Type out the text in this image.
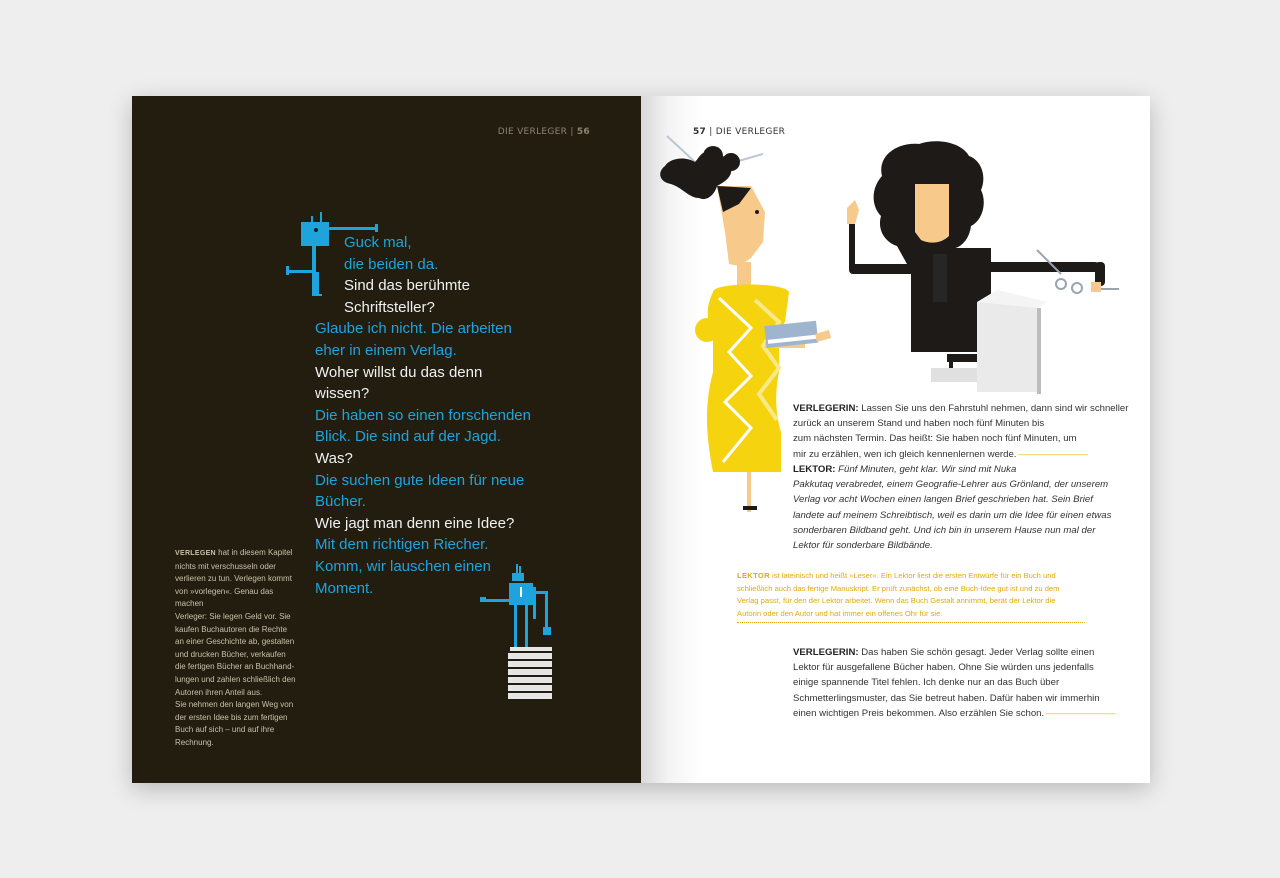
DIE VERLEGER | 56
Guck mal,
die beiden da.
Sind das berühmte
Schriftsteller?
Glaube ich nicht. Die arbeiten
eher in einem Verlag.
Woher willst du das denn
wissen?
Die haben so einen forschenden
Blick. Die sind auf der Jagd.
Was?
Die suchen gute Ideen für neue
Bücher.
Wie jagt man denn eine Idee?
Mit dem richtigen Riecher.
Komm, wir lauschen einen
Moment.
VERLEGEN hat in diesem Kapitel
nichts mit verschusseln oder
verlieren zu tun. Verlegen kommt
von »vorlegen«. Genau das machen
Verleger: Sie legen Geld vor. Sie
kaufen Buchautoren die Rechte
an einer Geschichte ab, gestalten
und drucken Bücher, verkaufen
die fertigen Bücher an Buchhand-
lungen und zahlen schließlich den
Autoren ihren Anteil aus.
Sie nehmen den langen Weg von
der ersten Idee bis zum fertigen
Buch auf sich – und auf ihre
Rechnung.

57 | DIE VERLEGER
VERLEGERIN: Lassen Sie uns den Fahrstuhl nehmen, dann sind wir schneller
zurück an unserem Stand und haben noch fünf Minuten bis
zum nächsten Termin. Das heißt: Sie haben noch fünf Minuten, um
mir zu erzählen, wen ich gleich kennenlernen werde. ————————

LEKTOR: Fünf Minuten, geht klar. Wir sind mit Nuka
Pakkutaq verabredet, einem Geografie-Lehrer aus Grönland, der unserem
Verlag vor acht Wochen einen langen Brief geschrieben hat. Sein Brief
landete auf meinem Schreibtisch, weil es darin um die Idee für einen etwas
sonderbaren Bildband geht. Und ich bin in unserem Hause nun mal der
Lektor für sonderbare Bildbände.

LEKTOR ist lateinisch und heißt »Leser«. Ein Lektor liest die ersten Entwürfe für ein Buch und
schließlich auch das fertige Manuskript. Er prüft zunächst, ob eine Buch-Idee gut ist und zu dem
Verlag passt, für den der Lektor arbeitet. Wenn das Buch Gestalt annimmt, berät der Lektor die
Autorin oder den Autor und hat immer ein offenes Ohr für sie.

VERLEGERIN: Das haben Sie schön gesagt. Jeder Verlag sollte einen
Lektor für ausgefallene Bücher haben. Ohne Sie würden uns jedenfalls
einige spannende Titel fehlen. Ich denke nur an das Buch über
Schmetterlingsmuster, das Sie betreut haben. Dafür haben wir immerhin
einen wichtigen Preis bekommen. Also erzählen Sie schon. ————————
